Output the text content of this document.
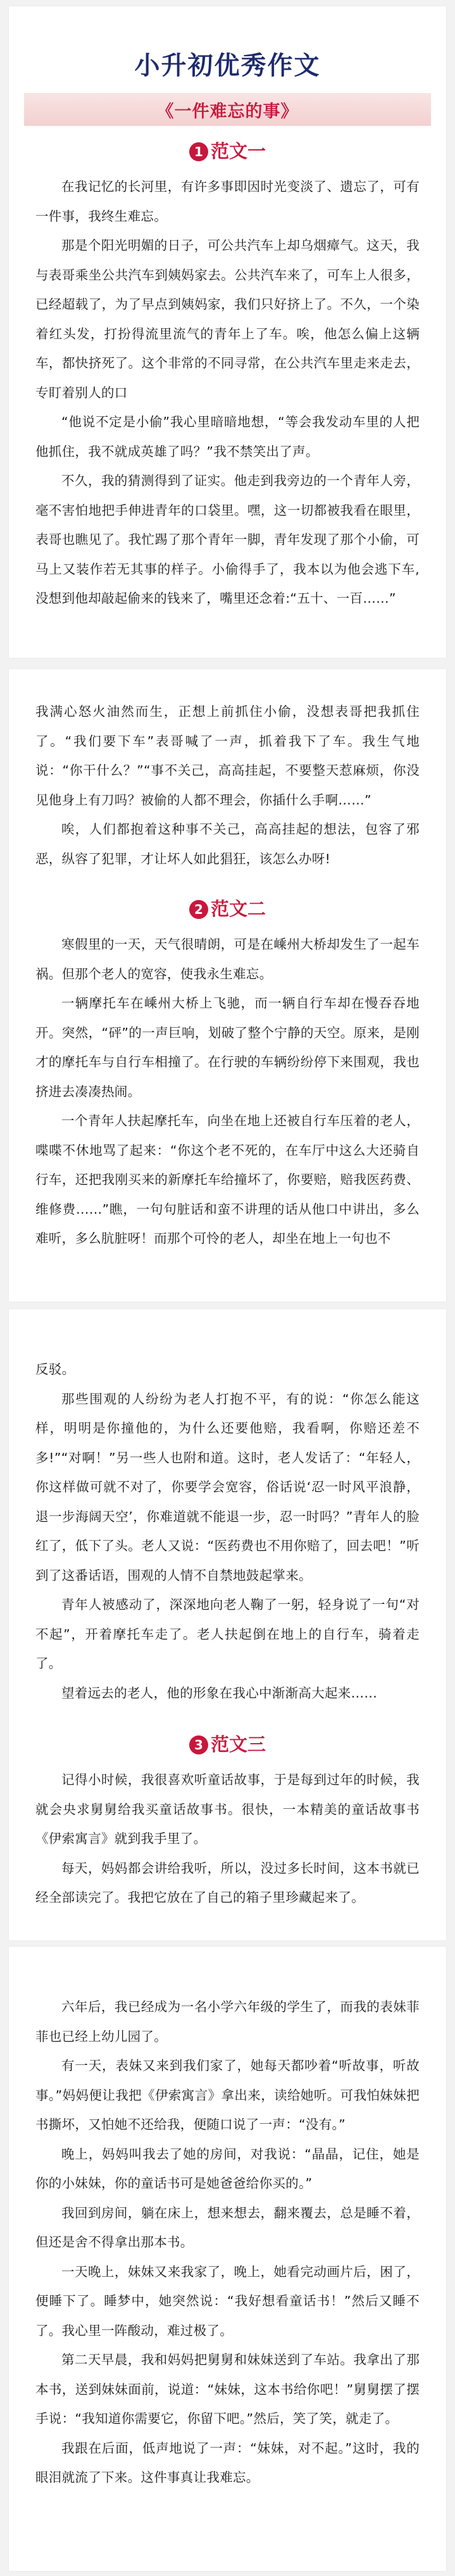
小升初优秀作文
《一件难忘的事》
1 范文一

在我记忆的长河里，有许多事即因时光变淡了、遗忘了，可有一件事，我终生难忘。

那是个阳光明媚的日子，可公共汽车上却乌烟瘴气。这天，我与表哥乘坐公共汽车到姨妈家去。公共汽车来了，可车上人很多，已经超载了，为了早点到姨妈家，我们只好挤上了。不久，一个染着红头发，打扮得流里流气的青年上了车。唉，他怎么偏上这辆车，都快挤死了。这个非常的不同寻常，在公共汽车里走来走去，专盯着别人的口

“他说不定是小偷”我心里暗暗地想，“等会我发动车里的人把他抓住，我不就成英雄了吗？”我不禁笑出了声。

不久，我的猜测得到了证实。他走到我旁边的一个青年人旁，毫不害怕地把手伸进青年的口袋里。嘿，这一切都被我看在眼里，表哥也瞧见了。我忙踢了那个青年一脚，青年发现了那个小偷，可马上又装作若无其事的样子。小偷得手了，我本以为他会逃下车,没想到他却敲起偷来的钱来了，嘴里还念着:“五十、一百……”

我满心怒火油然而生，正想上前抓住小偷，没想表哥把我抓住了。“我们要下车”表哥喊了一声，抓着我下了车。我生气地说：“你干什么？”“事不关己，高高挂起，不要整天惹麻烦，你没见他身上有刀吗？被偷的人都不理会，你插什么手啊……”

唉，人们都抱着这种事不关己，高高挂起的想法，包容了邪恶，纵容了犯罪，才让坏人如此猖狂，该怎么办呀!

2 范文二

寒假里的一天，天气很晴朗，可是在嵊州大桥却发生了一起车祸。但那个老人的宽容，使我永生难忘。

一辆摩托车在嵊州大桥上飞驰，而一辆自行车却在慢吞吞地开。突然，“砰”的一声巨响，划破了整个宁静的天空。原来，是刚才的摩托车与自行车相撞了。在行驶的车辆纷纷停下来围观，我也挤进去凑凑热闹。

一个青年人扶起摩托车，向坐在地上还被自行车压着的老人，喋喋不休地骂了起来：“你这个老不死的，在车厅中这么大还骑自行车，还把我刚买来的新摩托车给撞坏了，你要赔，赔我医药费、维修费……”瞧，一句句脏话和蛮不讲理的话从他口中讲出，多么难听，多么肮脏呀！而那个可怜的老人，却坐在地上一句也不

反驳。

那些围观的人纷纷为老人打抱不平，有的说：“你怎么能这样，明明是你撞他的，为什么还要他赔，我看啊，你赔还差不多!”“对啊！”另一些人也附和道。这时，老人发话了：“年轻人，你这样做可就不对了，你要学会宽容，俗话说‘忍一时风平浪静，退一步海阔天空’，你难道就不能退一步，忍一时吗？”青年人的脸红了，低下了头。老人又说：“医药费也不用你赔了，回去吧！”听到了这番话语，围观的人情不自禁地鼓起掌来。

青年人被感动了，深深地向老人鞠了一躬，轻身说了一句“对不起”，开着摩托车走了。老人扶起倒在地上的自行车，骑着走了。

望着远去的老人，他的形象在我心中渐渐高大起来……

3 范文三

记得小时候，我很喜欢听童话故事，于是每到过年的时候，我就会央求舅舅给我买童话故事书。很快，一本精美的童话故事书《伊索寓言》就到我手里了。

每天，妈妈都会讲给我听，所以，没过多长时间，这本书就已经全部读完了。我把它放在了自己的箱子里珍藏起来了。

六年后，我已经成为一名小学六年级的学生了，而我的表妹菲菲也已经上幼儿园了。

有一天，表妹又来到我们家了，她每天都吵着“听故事，听故事。”妈妈便让我把《伊索寓言》拿出来，读给她听。可我怕妹妹把书撕坏，又怕她不还给我，便随口说了一声：“没有。”

晚上，妈妈叫我去了她的房间，对我说：“晶晶，记住，她是你的小妹妹，你的童话书可是她爸爸给你买的。”

我回到房间，躺在床上，想来想去，翻来覆去，总是睡不着，但还是舍不得拿出那本书。

一天晚上，妹妹又来我家了，晚上，她看完动画片后，困了，便睡下了。睡梦中，她突然说：“我好想看童话书！”然后又睡不了。我心里一阵酸动，难过极了。

第二天早晨，我和妈妈把舅舅和妹妹送到了车站。我拿出了那本书，送到妹妹面前，说道：“妹妹，这本书给你吧！”舅舅摆了摆手说：“我知道你需要它，你留下吧。”然后，笑了笑，就走了。

我跟在后面，低声地说了一声：“妹妹，对不起。”这时，我的眼泪就流了下来。这件事真让我难忘。
